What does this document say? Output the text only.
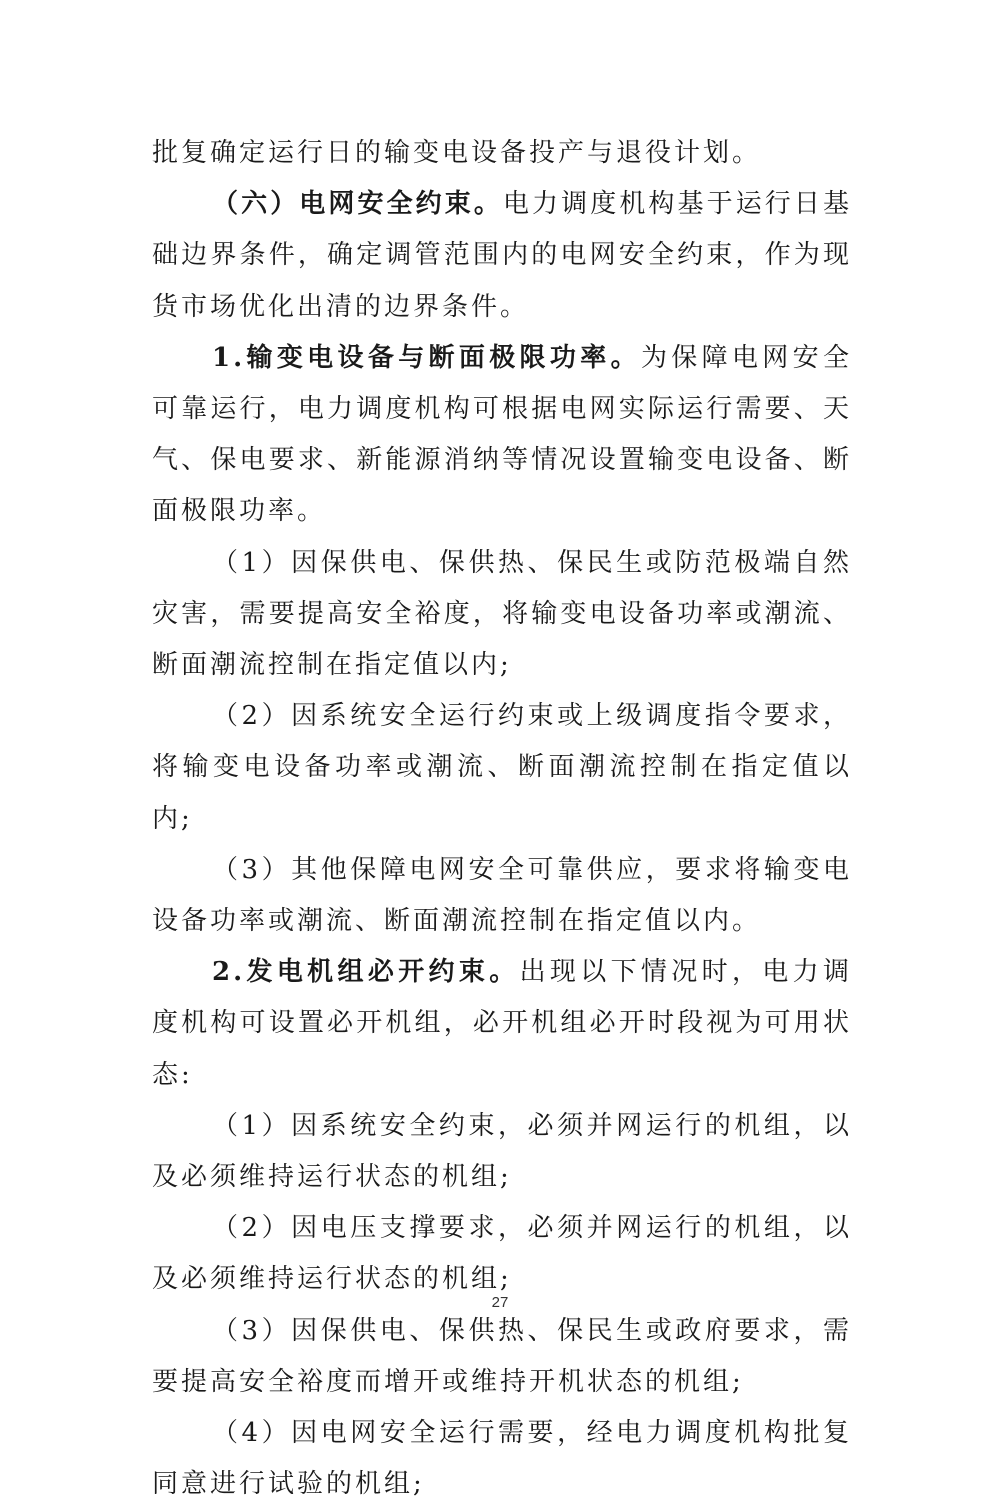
批复确定运行日的输变电设备投产与退役计划。

（六）电网安全约束。电力调度机构基于运行日基础边界条件，确定调管范围内的电网安全约束，作为现货市场优化出清的边界条件。

1.输变电设备与断面极限功率。为保障电网安全可靠运行，电力调度机构可根据电网实际运行需要、天气、保电要求、新能源消纳等情况设置输变电设备、断面极限功率。

（1）因保供电、保供热、保民生或防范极端自然灾害，需要提高安全裕度，将输变电设备功率或潮流、断面潮流控制在指定值以内;

（2）因系统安全运行约束或上级调度指令要求，将输变电设备功率或潮流、断面潮流控制在指定值以内;

（3）其他保障电网安全可靠供应，要求将输变电设备功率或潮流、断面潮流控制在指定值以内。

2.发电机组必开约束。出现以下情况时，电力调度机构可设置必开机组，必开机组必开时段视为可用状态:

（1）因系统安全约束，必须并网运行的机组，以及必须维持运行状态的机组;

（2）因电压支撑要求，必须并网运行的机组，以及必须维持运行状态的机组;

（3）因保供电、保供热、保民生或政府要求，需要提高安全裕度而增开或维持开机状态的机组;

（4）因电网安全运行需要，经电力调度机构批复同意进行试验的机组;

27
